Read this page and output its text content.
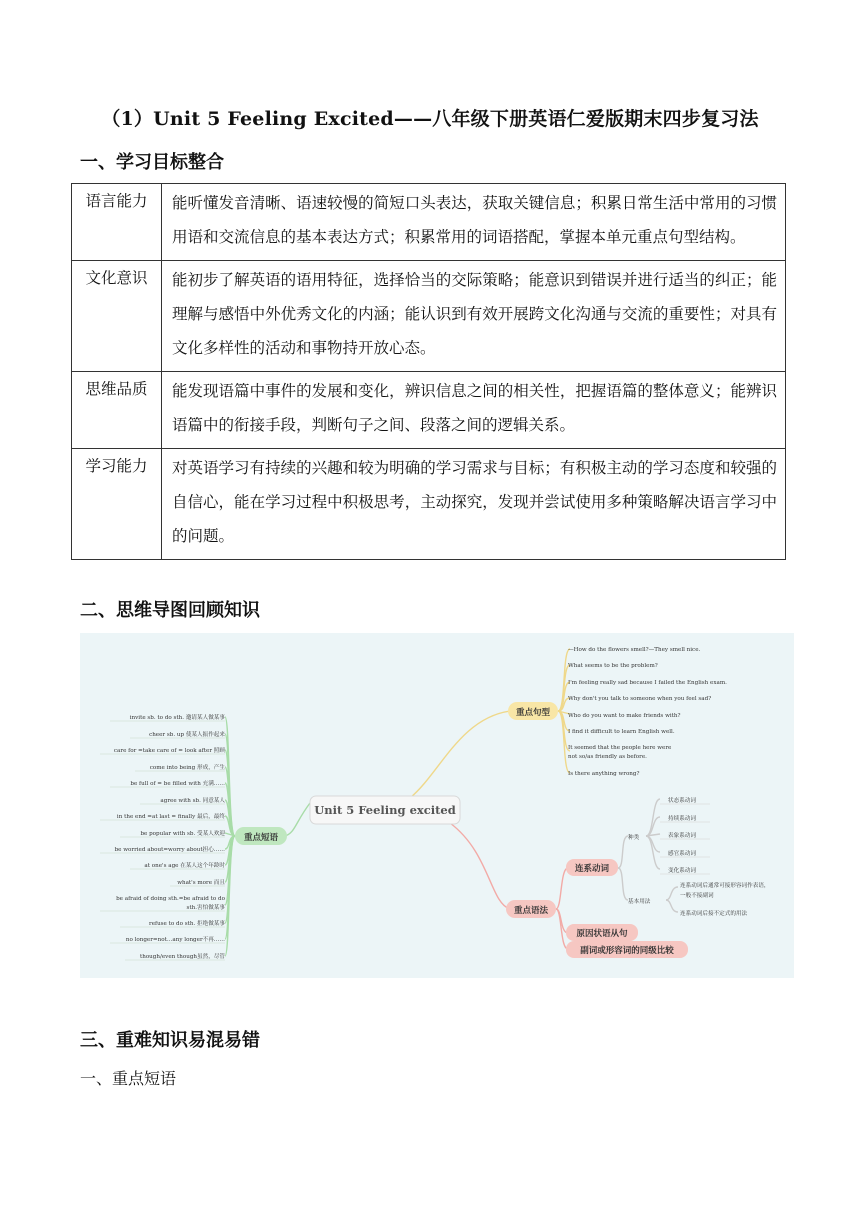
（1）Unit 5 Feeling Excited——八年级下册英语仁爱版期末四步复习法
一、学习目标整合
语言能力	能听懂发音清晰、语速较慢的简短口头表达，获取关键信息；积累日常生活中常用的习惯用语和交流信息的基本表达方式；积累常用的词语搭配，掌握本单元重点句型结构。
文化意识	能初步了解英语的语用特征，选择恰当的交际策略；能意识到错误并进行适当的纠正；能理解与感悟中外优秀文化的内涵；能认识到有效开展跨文化沟通与交流的重要性；对具有文化多样性的活动和事物持开放心态。
思维品质	能发现语篇中事件的发展和变化，辨识信息之间的相关性，把握语篇的整体意义；能辨识语篇中的衔接手段，判断句子之间、段落之间的逻辑关系。
学习能力	对英语学习有持续的兴趣和较为明确的学习需求与目标；有积极主动的学习态度和较强的自信心，能在学习过程中积极思考，主动探究，发现并尝试使用多种策略解决语言学习中的问题。
二、思维导图回顾知识
Unit 5 Feeling excited
重点句型
重点短语
重点语法
连系动词
原因状语从句
副词或形容词的同级比较
种类
基本用法
状态系动词
持续系动词
表象系动词
感官系动词
变化系动词
连系动词后通常可接形容词作表语，
一般不接副词
连系动词后接不定式的用法
—How do the flowers smell?—They smell nice.
What seems to be the problem?
I'm feeling really sad because I failed the English exam.
Why don't you talk to someone when you feel sad?
Who do you want to make friends with?
I find it difficult to learn English well.
It seemed that the people here were
not so/as friendly as before.
Is there anything wrong?
invite sb. to do sth. 邀请某人做某事
cheer sb. up 使某人振作起来
care for =take care of = look after 照顾
come into being 形成，产生
be full of = be filled with 充满……
agree with sb. 同意某人
in the end =at last = finally 最后，最终
be popular with sb. 受某人欢迎
be worried about=worry about担心……
at one's age 在某人这个年龄时
what's more 而且
be afraid of doing sth.=be afraid to do
sth.害怕做某事
refuse to do sth. 拒绝做某事
no longer=not…any longer不再……
though/even though虽然，尽管
三、重难知识易混易错
一、重点短语
